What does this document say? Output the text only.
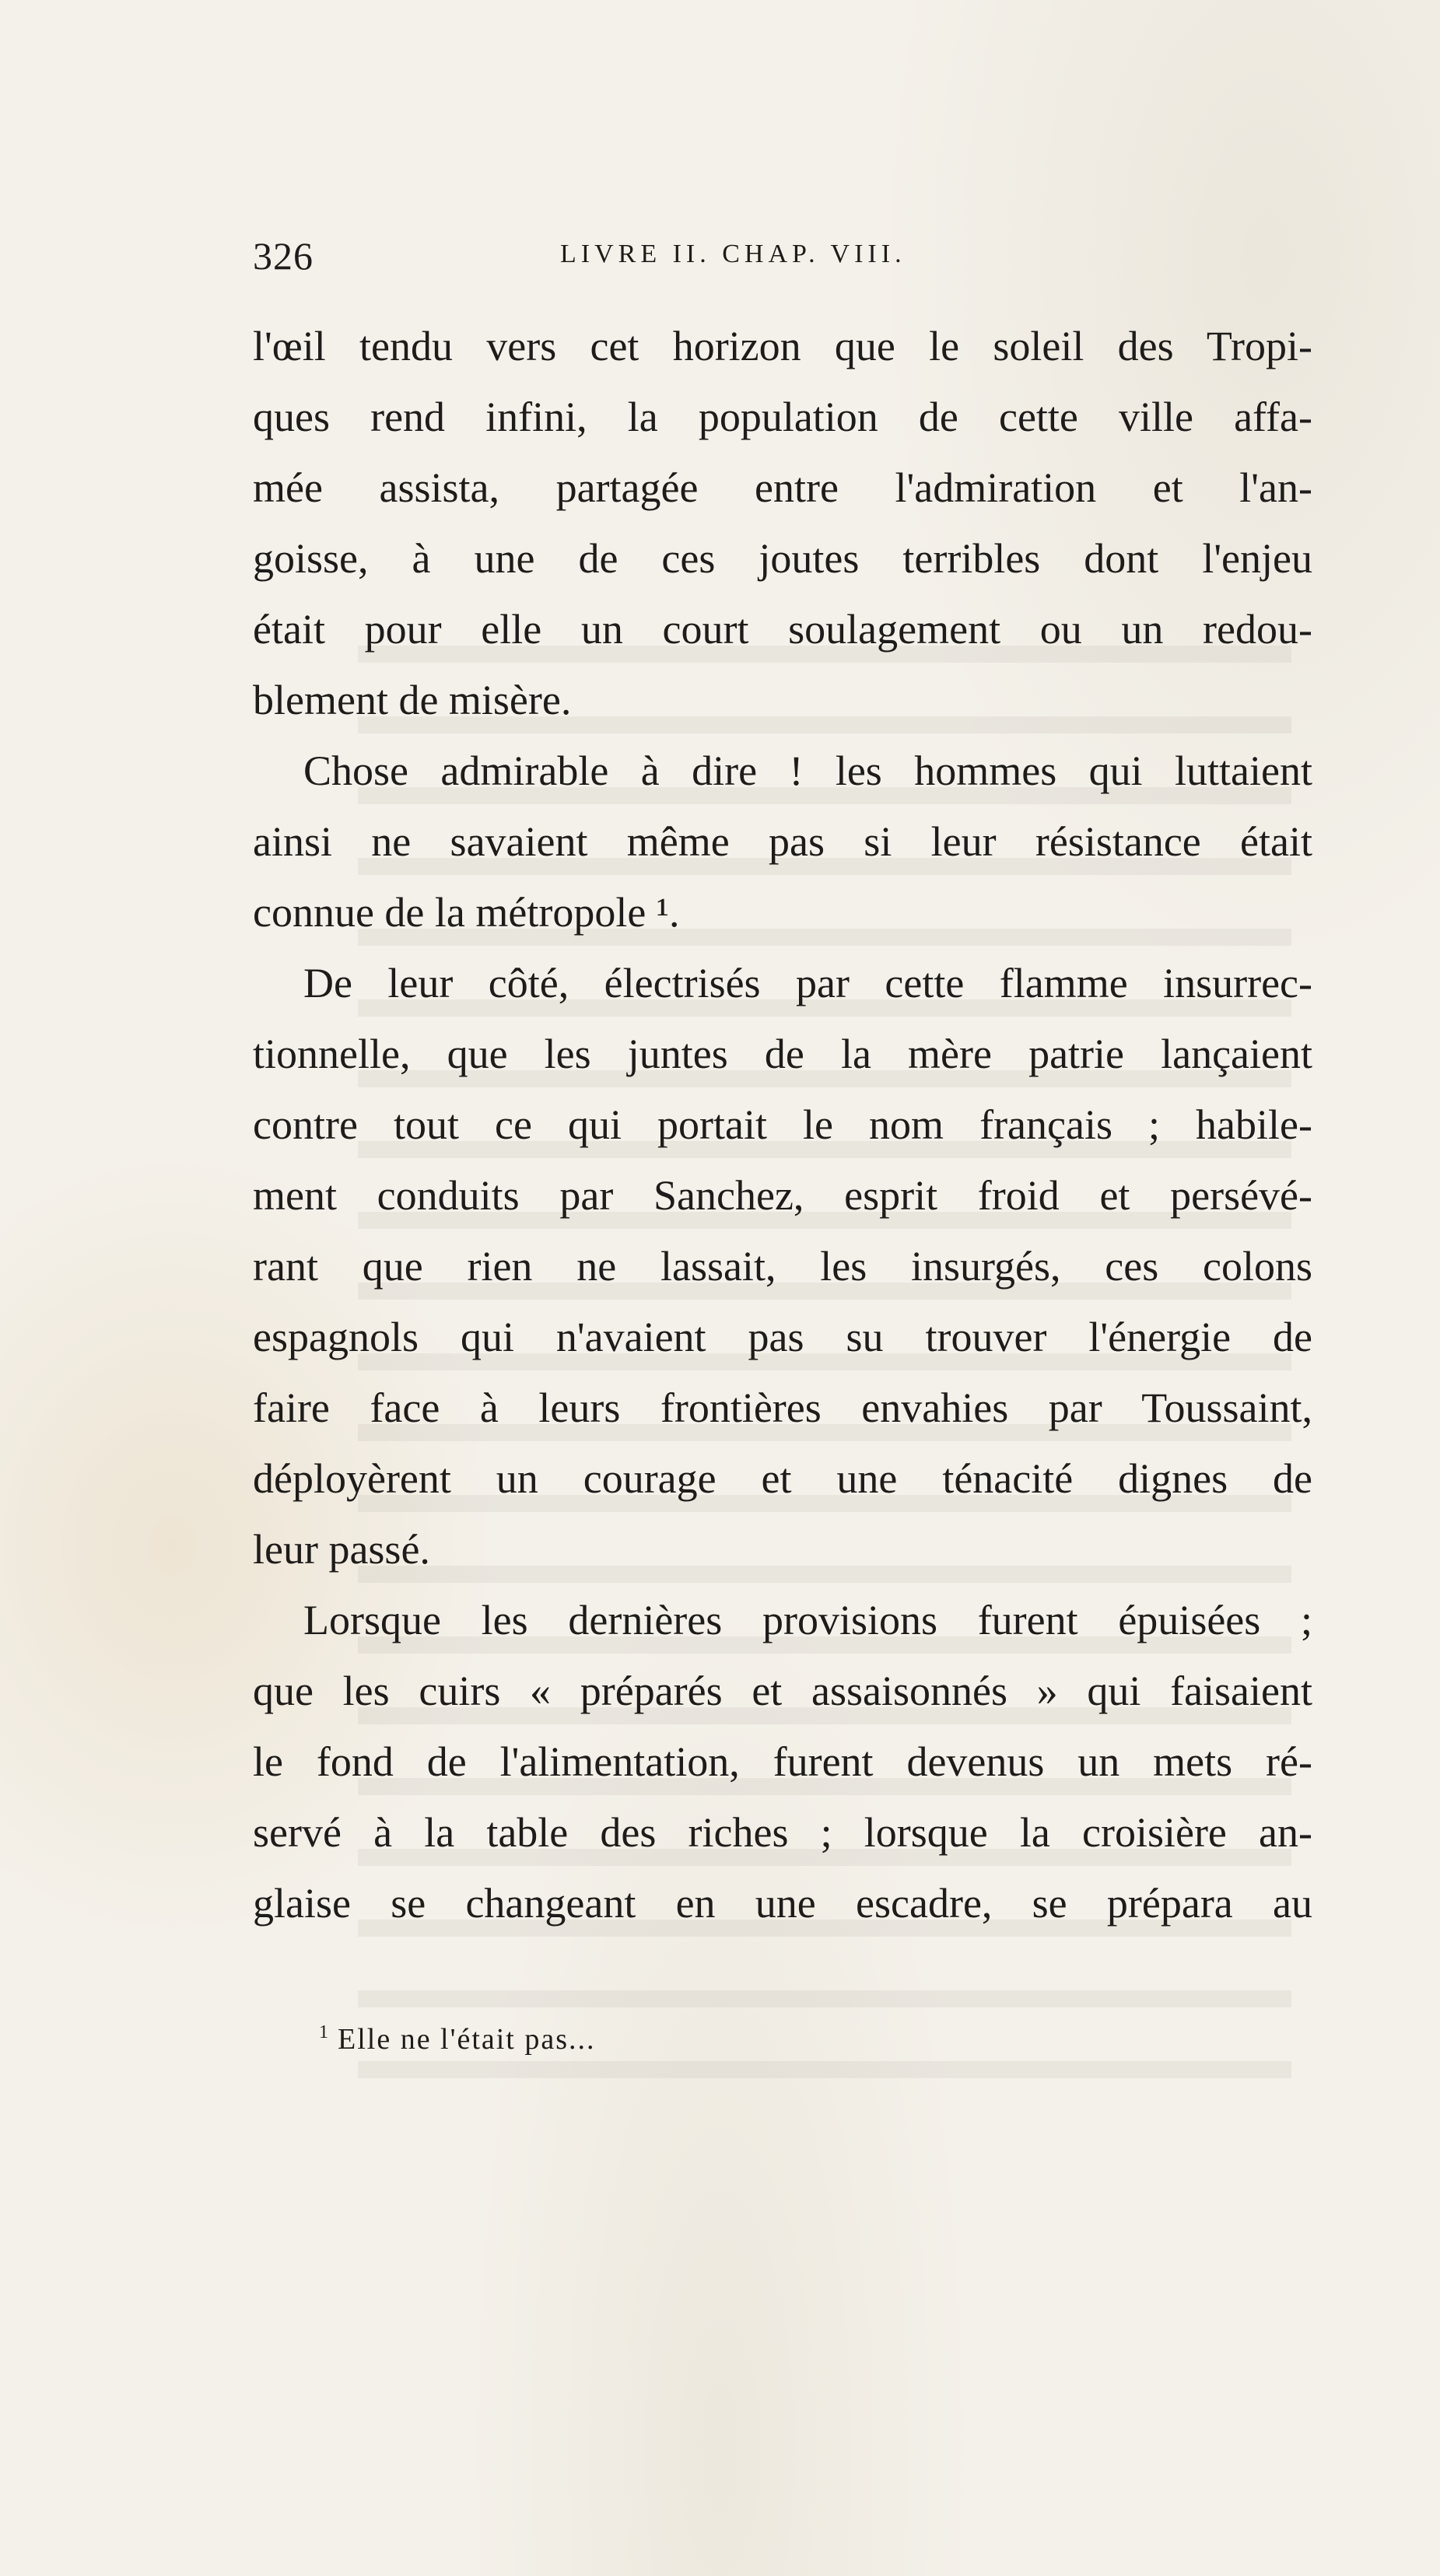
326	LIVRE II. CHAP. VIII.
l'œil tendu vers cet horizon que le soleil des Tropi-
ques rend infini, la population de cette ville affa-
mée assista, partagée entre l'admiration et l'an-
goisse, à une de ces joutes terribles dont l'enjeu
était pour elle un court soulagement ou un redou-
blement de misère.
Chose admirable à dire ! les hommes qui luttaient
ainsi ne savaient même pas si leur résistance était
connue de la métropole ¹.
De leur côté, électrisés par cette flamme insurrec-
tionnelle, que les juntes de la mère patrie lançaient
contre tout ce qui portait le nom français ; habile-
ment conduits par Sanchez, esprit froid et persévé-
rant que rien ne lassait, les insurgés, ces colons
espagnols qui n'avaient pas su trouver l'énergie de
faire face à leurs frontières envahies par Toussaint,
déployèrent un courage et une ténacité dignes de
leur passé.
Lorsque les dernières provisions furent épuisées ;
que les cuirs « préparés et assaisonnés » qui faisaient
le fond de l'alimentation, furent devenus un mets ré-
servé à la table des riches ; lorsque la croisière an-
glaise se changeant en une escadre, se prépara au
$^1$ Elle ne l'était pas...
